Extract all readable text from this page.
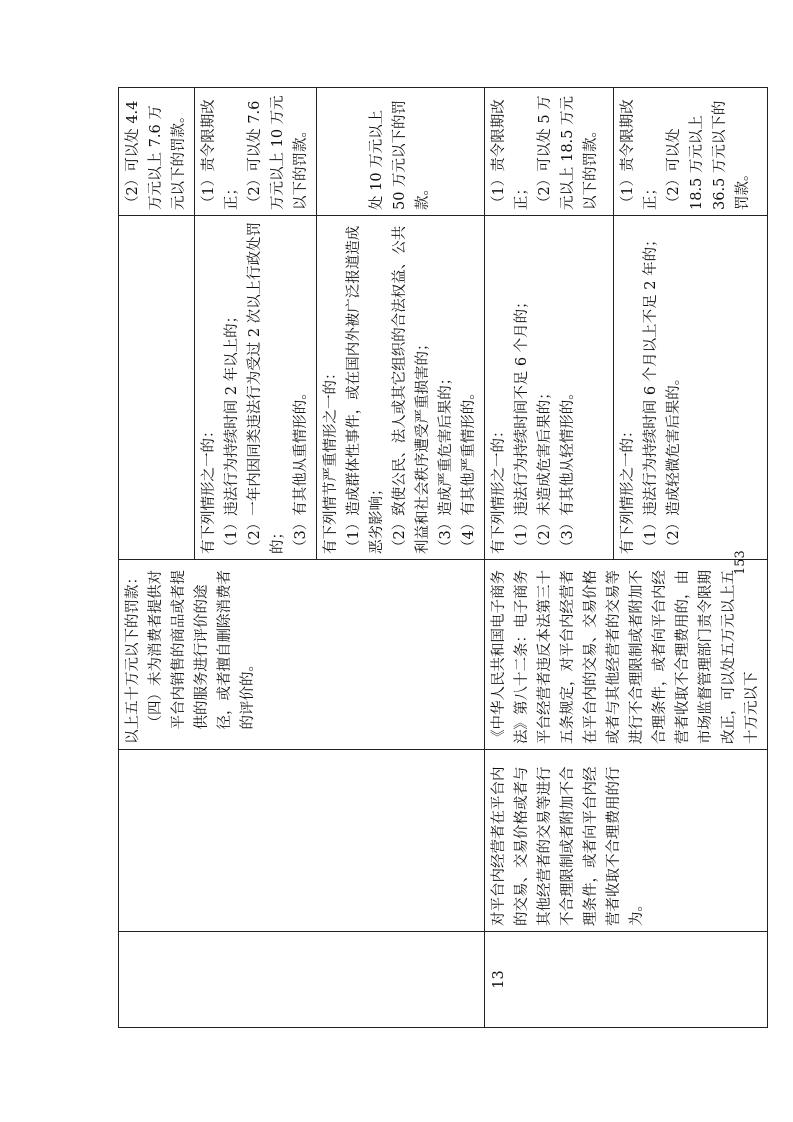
		以上五十万元以下的罚款： （四）未为消费者提供对平台内销售的商品或者提供的服务进行评价的途径，或者擅自删除消费者的评价的。		（2）可以处 4.4 万元以上 7.6 万元以下的罚款。

			有下列情形之一的： （1）违法行为持续时间 2 年以上的； （2）一年内因同类违法行为受过 2 次以上行政处罚的； （3）有其他从重情形的。	（1）责令限期改正； （2）可以处 7.6 万元以上 10 万元以下的罚款。

			有下列情节严重情形之一的： （1）造成群体性事件，或在国内外被广泛报道造成恶劣影响； （2）致使公民、法人或其它组织的合法权益、公共利益和社会秩序遭受严重损害的； （3）造成严重危害后果的； （4）有其他严重情形的。	处 10 万元以上 50 万元以下的罚款。

13	对平台内经营者在平台内的交易、交易价格或者与其他经营者的交易等进行不合理限制或者附加不合理条件，或者向平台内经营者收取不合理费用的行为。	《中华人民共和国电子商务法》第八十二条：电子商务平台经营者违反本法第三十五条规定，对平台内经营者在平台内的交易、交易价格或者与其他经营者的交易等进行不合理限制或者附加不合理条件，或者向平台内经营者收取不合理费用的，由市场监督管理部门责令限期改正，可以处五万元以上五十万元以下	有下列情形之一的： （1）违法行为持续时间不足 6 个月的； （2）未造成危害后果的； （3）有其他从轻情形的。	（1）责令限期改正； （2）可以处 5 万元以上 18.5 万元以下的罚款。

			有下列情形之一的： （1）违法行为持续时间 6 个月以上不足 2 年的； （2）造成轻微危害后果的。	（1）责令限期改正； （2）可以处 18.5 万元以上 36.5 万元以下的罚款。
153
